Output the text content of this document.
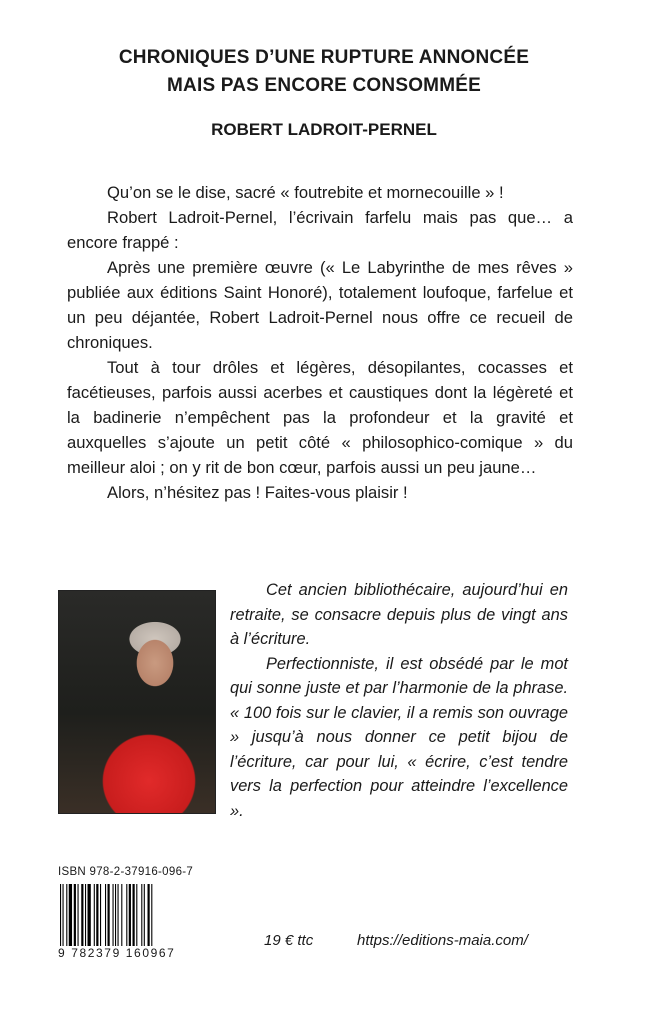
CHRONIQUES D’UNE RUPTURE ANNONCÉE
MAIS PAS ENCORE CONSOMMÉE
ROBERT LADROIT-PERNEL

Qu’on se le dise, sacré « foutrebite et mornecouille » !

Robert Ladroit-Pernel, l’écrivain farfelu mais pas que… a encore frappé :

Après une première œuvre (« Le Labyrinthe de mes rêves » publiée aux éditions Saint Honoré), totalement loufoque, farfelue et un peu déjantée, Robert Ladroit-Pernel nous offre ce recueil de chroniques.

Tout à tour drôles et légères, désopilantes, cocasses et facétieuses, parfois aussi acerbes et caustiques dont la légèreté et la badinerie n’empêchent pas la profondeur et la gravité et auxquelles s’ajoute un petit côté « philosophico-comique » du meilleur aloi ; on y rit de bon cœur, parfois aussi un peu jaune…

Alors, n’hésitez pas ! Faites-vous plaisir !

Cet ancien bibliothécaire, aujourd’hui en retraite, se consacre depuis plus de vingt ans à l’écriture.

Perfectionniste, il est obsédé par le mot qui sonne juste et par l’harmonie de la phrase. « 100 fois sur le clavier, il a remis son ouvrage » jusqu’à nous donner ce petit bijou de l’écriture, car pour lui, « écrire, c’est tendre vers la perfection pour atteindre l’excellence ».

ISBN 978-2-37916-096-7
9 782379 160967
19 € ttc	https://editions-maia.com/
